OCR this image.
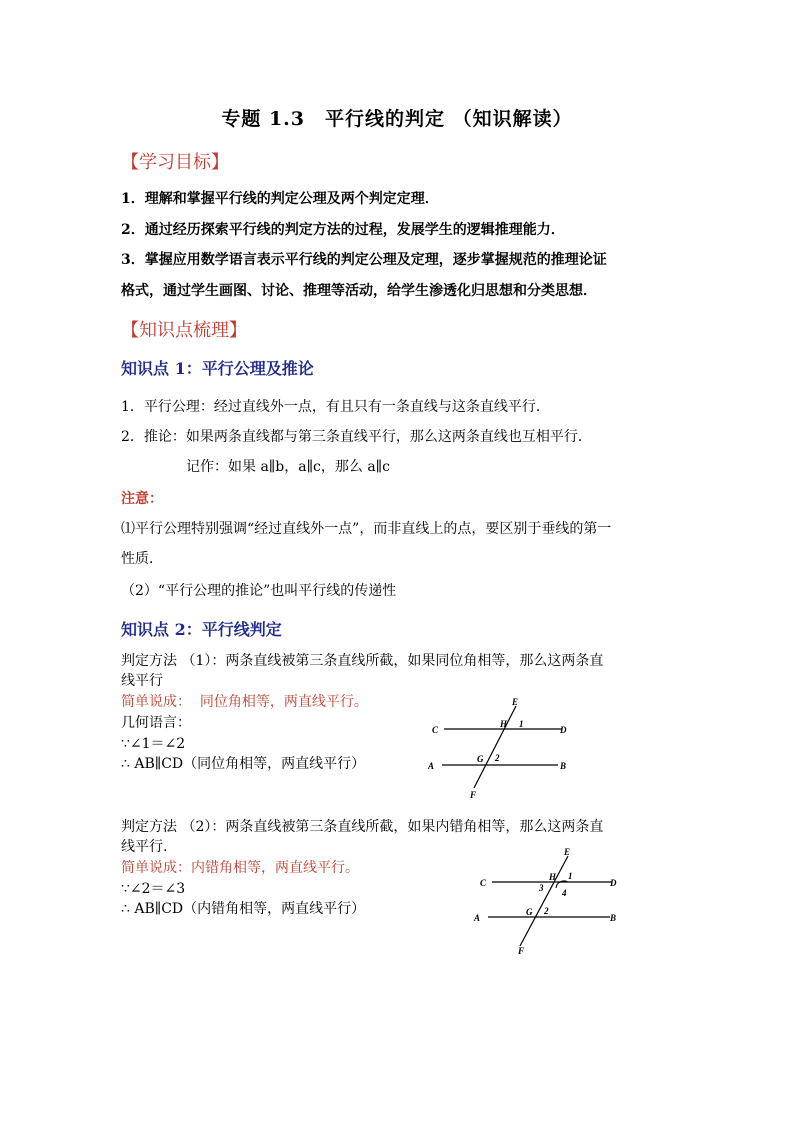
专题 1.3　平行线的判定 （知识解读）
【学习目标】
1．理解和掌握平行线的判定公理及两个判定定理．
2．通过经历探索平行线的判定方法的过程，发展学生的逻辑推理能力．
3．掌握应用数学语言表示平行线的判定公理及定理，逐步掌握规范的推理论证
格式，通过学生画图、讨论、推理等活动，给学生渗透化归思想和分类思想．
【知识点梳理】
知识点 1：平行公理及推论
1．平行公理：经过直线外一点，有且只有一条直线与这条直线平行．
2．推论：如果两条直线都与第三条直线平行，那么这两条直线也互相平行．
记作：如果 a∥b，a∥c，那么 a∥c
注意：
⑴平行公理特别强调“经过直线外一点”，而非直线上的点，要区别于垂线的第一
性质．
（2）“平行公理的推论”也叫平行线的传递性
知识点 2：平行线判定
判定方法 （1）：两条直线被第三条直线所截，如果同位角相等，那么这两条直
线平行
简单说成： 同位角相等，两直线平行。
几何语言：
∵∠1＝∠2
∴ AB∥CD（同位角相等，两直线平行）
E
H 1
C	D
G 2
A	B
F
判定方法 （2）：两条直线被第三条直线所截，如果内错角相等，那么这两条直
线平行.
简单说成：内错角相等，两直线平行。
∵∠2＝∠3
∴ AB∥CD（内错角相等，两直线平行）
E
H 1
3 4
C	D
G 2
A	B
F
